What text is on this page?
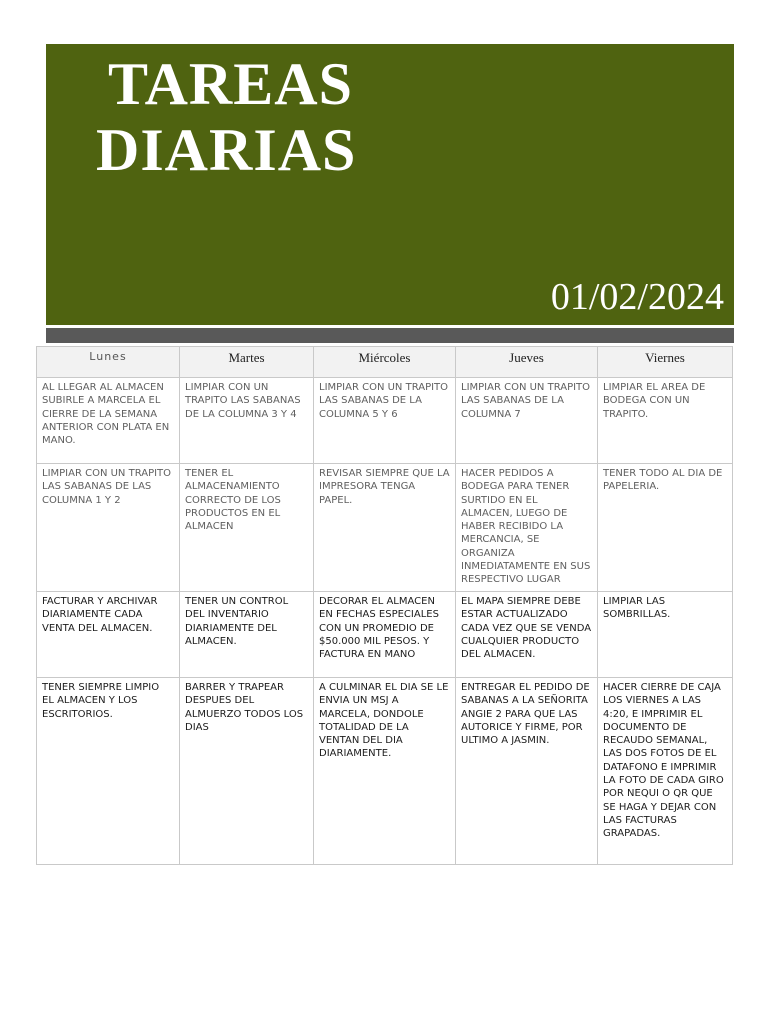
TAREAS
DIARIAS
01/02/2024
Lunes	Martes	Miércoles	Jueves	Viernes
AL LLEGAR AL ALMACEN SUBIRLE A MARCELA EL CIERRE DE LA SEMANA ANTERIOR CON PLATA EN MANO.	LIMPIAR CON UN TRAPITO LAS SABANAS DE LA COLUMNA 3 Y 4	LIMPIAR CON UN TRAPITO LAS SABANAS DE LA COLUMNA 5 Y 6	LIMPIAR CON UN TRAPITO LAS SABANAS DE LA COLUMNA 7	LIMPIAR EL AREA DE BODEGA CON UN TRAPITO.
LIMPIAR CON UN TRAPITO LAS SABANAS DE LAS COLUMNA 1 Y 2	TENER EL ALMACENAMIENTO CORRECTO DE LOS PRODUCTOS EN EL ALMACEN	REVISAR SIEMPRE QUE LA IMPRESORA TENGA PAPEL.	HACER PEDIDOS A BODEGA PARA TENER SURTIDO EN EL ALMACEN, LUEGO DE HABER RECIBIDO LA MERCANCIA, SE ORGANIZA INMEDIATAMENTE EN SUS RESPECTIVO LUGAR	TENER TODO AL DIA DE PAPELERIA.
FACTURAR Y ARCHIVAR DIARIAMENTE CADA VENTA DEL ALMACEN.	TENER UN CONTROL DEL INVENTARIO DIARIAMENTE DEL ALMACEN.	DECORAR EL ALMACEN EN FECHAS ESPECIALES CON UN PROMEDIO DE $50.000 MIL PESOS. Y FACTURA EN MANO	EL MAPA SIEMPRE DEBE ESTAR ACTUALIZADO CADA VEZ QUE SE VENDA CUALQUIER PRODUCTO DEL ALMACEN.	LIMPIAR LAS SOMBRILLAS.
TENER SIEMPRE LIMPIO EL ALMACEN Y LOS ESCRITORIOS.	BARRER Y TRAPEAR DESPUES DEL ALMUERZO TODOS LOS DIAS	A CULMINAR EL DIA SE LE ENVIA UN MSJ A MARCELA, DONDOLE TOTALIDAD DE LA VENTAN DEL DIA DIARIAMENTE.	ENTREGAR EL PEDIDO DE SABANAS A LA SEÑORITA ANGIE 2 PARA QUE LAS AUTORICE Y FIRME, POR ULTIMO A JASMIN.	HACER CIERRE DE CAJA LOS VIERNES A LAS 4:20, E IMPRIMIR EL DOCUMENTO DE RECAUDO SEMANAL, LAS DOS FOTOS DE EL DATAFONO E IMPRIMIR LA FOTO DE CADA GIRO POR NEQUI O QR QUE SE HAGA Y DEJAR CON LAS FACTURAS GRAPADAS.
